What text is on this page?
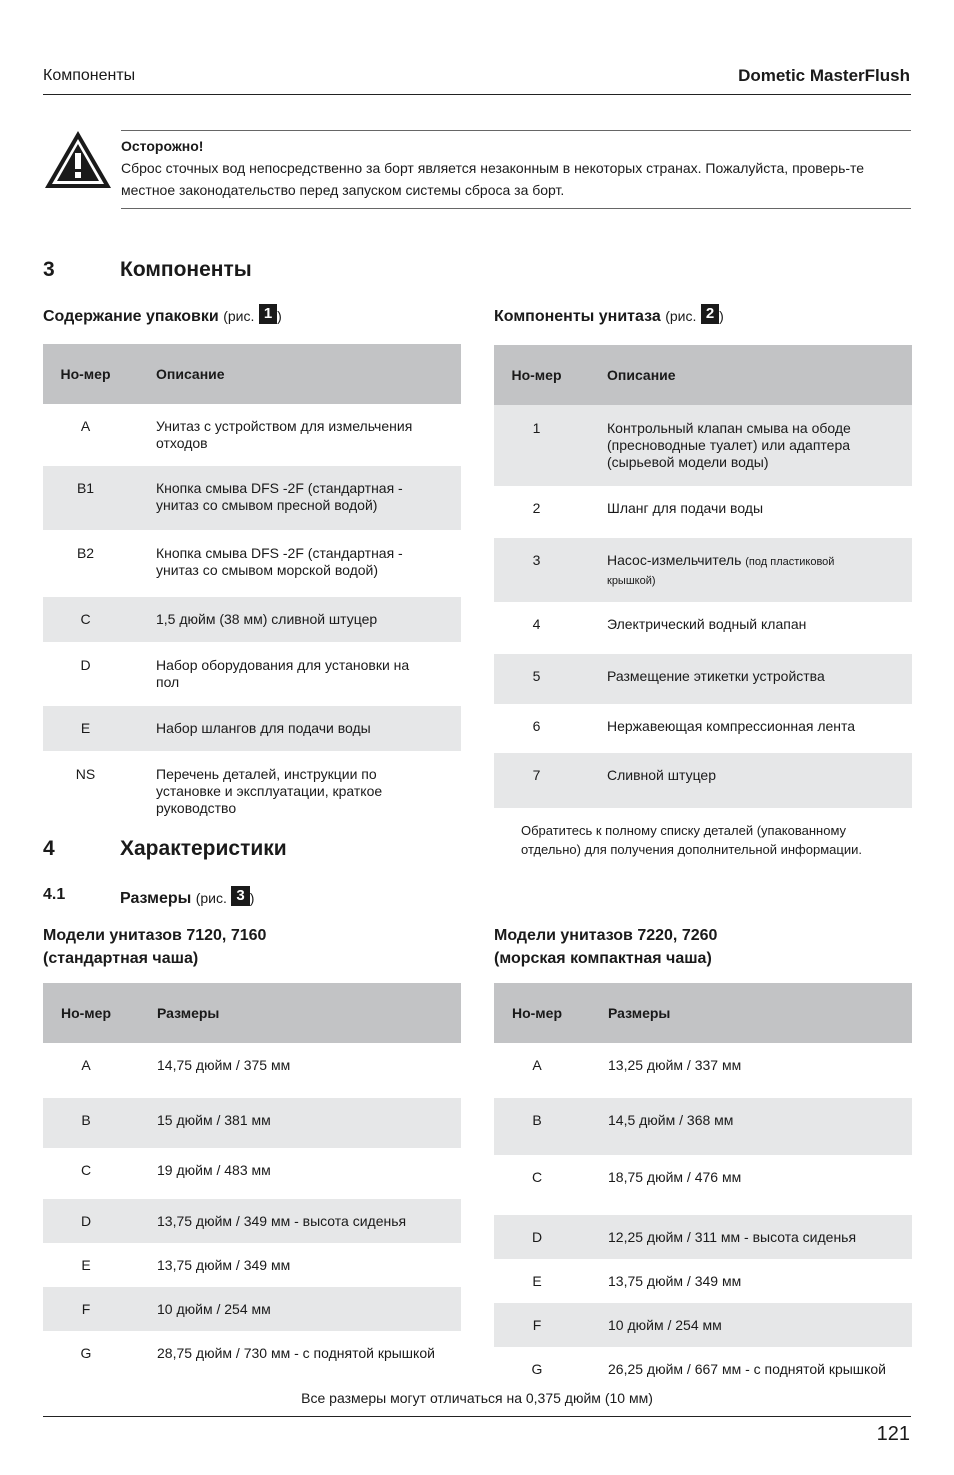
Компоненты	Dometic MasterFlush
Осторожно!
Сброс сточных вод непосредственно за борт является незаконным в некоторых странах. Пожалуйста, проверь-те местное законодательство перед запуском системы сброса за борт.
3	Компоненты
Содержание упаковки (рис. 1 )
Но-мер	Описание
A	Унитаз с устройством для измельчения отходов
B1	Кнопка смыва DFS -2F (стандартная - унитаз со смывом пресной водой)
B2	Кнопка смыва DFS -2F (стандартная - унитаз со смывом морской водой)
C	1,5 дюйм (38 мм) сливной штуцер
D	Набор оборудования для установки на пол
E	Набор шлангов для подачи воды
NS	Перечень деталей, инструкции по установке и эксплуатации, краткое руководство
Компоненты унитаза (рис. 2 )
Но-мер	Описание
1	Контрольный клапан смыва на ободе (пресноводные туалет) или адаптера (сырьевой модели воды)
2	Шланг для подачи воды
3	Насос-измельчитель (под пластиковой крышкой)
4	Электрический водный клапан
5	Размещение этикетки устройства
6	Нержавеющая компрессионная лента
7	Сливной штуцер
Обратитесь к полному списку деталей (упакованному отдельно) для получения дополнительной информации.
4	Характеристики
4.1	Размеры (рис. 3 )
Модели унитазов 7120, 7160
(стандартная чаша)
Но-мер	Размеры
A	14,75 дюйм / 375 мм
B	15 дюйм / 381 мм
C	19 дюйм / 483 мм
D	13,75 дюйм / 349 мм - высота сиденья
E	13,75 дюйм / 349 мм
F	10 дюйм / 254 мм
G	28,75 дюйм / 730 мм - с поднятой крышкой
Модели унитазов 7220, 7260
(морская компактная чаша)
Но-мер	Размеры
A	13,25 дюйм / 337 мм
B	14,5 дюйм / 368 мм
C	18,75 дюйм / 476 мм
D	12,25 дюйм / 311 мм - высота сиденья
E	13,75 дюйм / 349 мм
F	10 дюйм / 254 мм
G	26,25 дюйм / 667 мм - с поднятой крышкой
Все размеры могут отличаться на 0,375 дюйм (10 мм)
121
